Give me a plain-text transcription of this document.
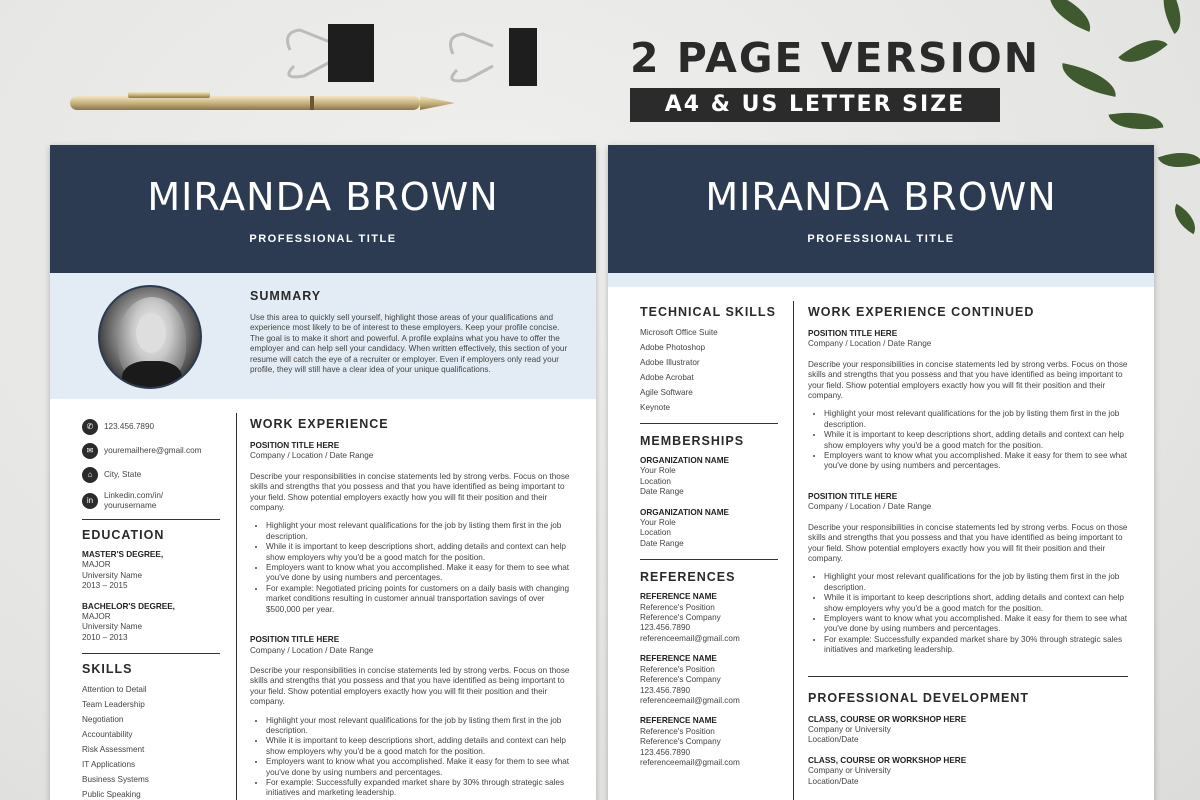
2 PAGE VERSION
A4 & US LETTER SIZE
MIRANDA BROWN
PROFESSIONAL TITLE
SUMMARY
Use this area to quickly sell yourself, highlight those areas of your qualifications and experience most likely to be of interest to these employers. Keep your profile concise. The goal is to make it short and powerful. A profile explains what you have to offer the employer and can help sell your candidacy. When written effectively, this section of your resume will catch the eye of a recruiter or employer. Even if employers only read your profile, they will still have a clear idea of your unique qualifications.
✆	123.456.7890
✉	youremailhere@gmail.com
⌂	City, State
in
Linkedin.com/in/
yourusername
EDUCATION
MASTER'S DEGREE,
MAJOR
University Name
2013 – 2015
BACHELOR'S DEGREE,
MAJOR
University Name
2010 – 2013
SKILLS
Attention to Detail
Team Leadership
Negotiation
Accountability
Risk Assessment
IT Applications
Business Systems
Public Speaking
WORK EXPERIENCE
POSITION TITLE HERE
Company / Location / Date Range
Describe your responsibilities in concise statements led by strong verbs. Focus on those skills and strengths that you possess and that you have identified as being important to your field. Show potential employers exactly how you will fit their position and their company.
• Highlight your most relevant qualifications for the job by listing them first in the job description.
• While it is important to keep descriptions short, adding details and context can help show employers why you'd be a good match for the position.
• Employers want to know what you accomplished. Make it easy for them to see what you've done by using numbers and percentages.
• For example: Negotiated pricing points for customers on a daily basis with changing market conditions resulting in customer annual transportation savings of over $500,000 per year.
POSITION TITLE HERE
Company / Location / Date Range
Describe your responsibilities in concise statements led by strong verbs. Focus on those skills and strengths that you possess and that you have identified as being important to your field. Show potential employers exactly how you will fit their position and their company.
• Highlight your most relevant qualifications for the job by listing them first in the job description.
• While it is important to keep descriptions short, adding details and context can help show employers why you'd be a good match for the position.
• Employers want to know what you accomplished. Make it easy for them to see what you've done by using numbers and percentages.
• For example: Successfully expanded market share by 30% through strategic sales initiatives and marketing leadership.
MIRANDA BROWN
PROFESSIONAL TITLE
TECHNICAL SKILLS
Microsoft Office Suite
Adobe Photoshop
Adobe Illustrator
Adobe Acrobat
Agile Software
Keynote
MEMBERSHIPS
ORGANIZATION NAME
Your Role
Location
Date Range
ORGANIZATION NAME
Your Role
Location
Date Range
REFERENCES
REFERENCE NAME
Reference's Position
Reference's Company
123.456.7890
referenceemail@gmail.com
REFERENCE NAME
Reference's Position
Reference's Company
123.456.7890
referenceemail@gmail.com
REFERENCE NAME
Reference's Position
Reference's Company
123.456.7890
referenceemail@gmail.com
WORK EXPERIENCE CONTINUED
POSITION TITLE HERE
Company / Location / Date Range
Describe your responsibilities in concise statements led by strong verbs. Focus on those skills and strengths that you possess and that you have identified as being important to your field. Show potential employers exactly how you will fit their position and their company.
• Highlight your most relevant qualifications for the job by listing them first in the job description.
• While it is important to keep descriptions short, adding details and context can help show employers why you'd be a good match for the position.
• Employers want to know what you accomplished. Make it easy for them to see what you've done by using numbers and percentages.
POSITION TITLE HERE
Company / Location / Date Range
Describe your responsibilities in concise statements led by strong verbs. Focus on those skills and strengths that you possess and that you have identified as being important to your field. Show potential employers exactly how you will fit their position and their company.
• Highlight your most relevant qualifications for the job by listing them first in the job description.
• While it is important to keep descriptions short, adding details and context can help show employers why you'd be a good match for the position.
• Employers want to know what you accomplished. Make it easy for them to see what you've done by using numbers and percentages.
• For example: Successfully expanded market share by 30% through strategic sales initiatives and marketing leadership.
PROFESSIONAL DEVELOPMENT
CLASS, COURSE OR WORKSHOP HERE
Company or University
Location/Date
CLASS, COURSE OR WORKSHOP HERE
Company or University
Location/Date
